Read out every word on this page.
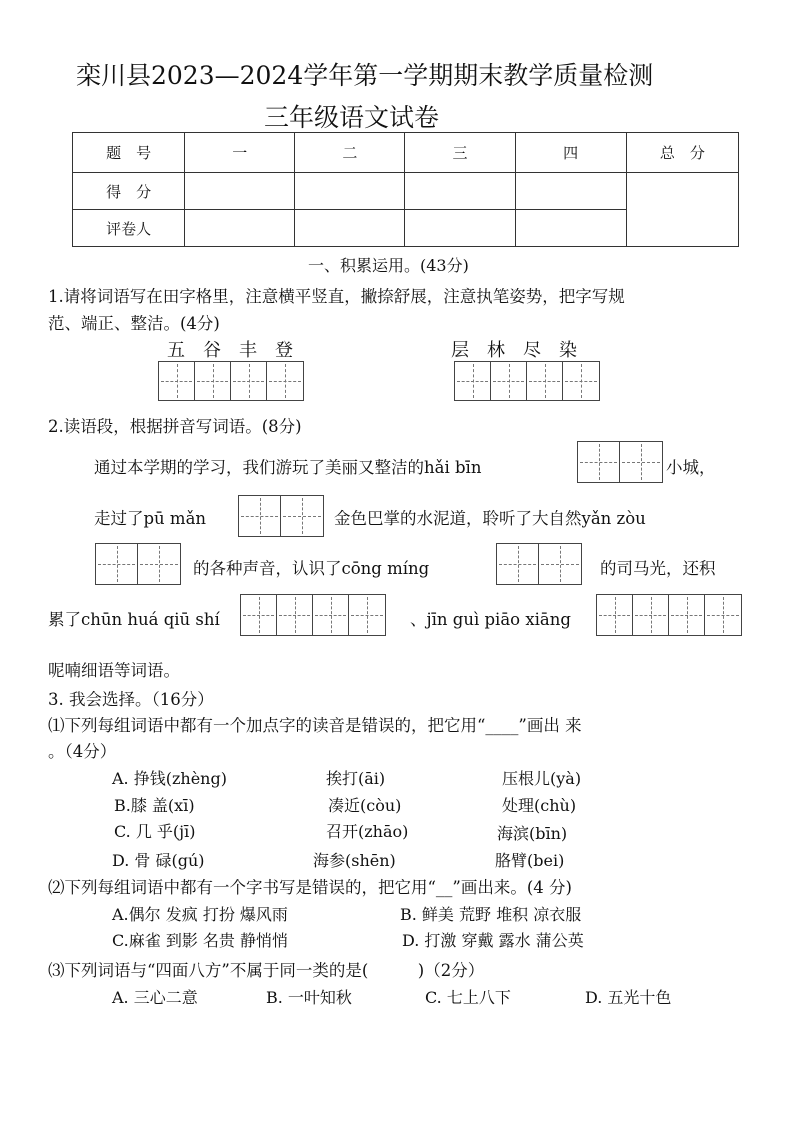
栾川县2023—2024学年第一学期期末教学质量检测
三年级语文试卷
题　号	一	二	三	四	总　分
得　分					
评卷人					
一、积累运用。(43分)
1.请将词语写在田字格里，注意横平竖直，撇捺舒展，注意执笔姿势，把字写规
范、端正、整洁。(4分)
五	谷	丰	登	层	林	尽	染
2.读语段，根据拼音写词语。(8分)
通过本学期的学习，我们游玩了美丽又整洁的hǎi bīn	小城，
走过了pū mǎn	金色巴掌的水泥道，聆听了大自然yǎn zòu
的各种声音，认识了cōng míng	的司马光，还积
累了chūn huá qiū shí	、jīn guì piāo xiāng
呢喃细语等词语。
3. 我会选择。（16分）
⑴下列每组词语中都有一个加点字的读音是错误的，把它用“____”画出 来
。（4分）
A. 挣钱(zhèng)	挨打(āi)	压根儿(yà)
B.膝 盖(xī)	凑近(còu)	处理(chù)
C. 几 乎(jī)	召开(zhāo)	海滨(bīn)
D. 骨 碌(gú)	海参(shēn)	胳臂(bei)
⑵下列每组词语中都有一个字书写是错误的，把它用“__”画出来。(4 分)
A.偶尔 发疯 打扮 爆风雨	B. 鲜美 荒野 堆积 凉衣服
C.麻雀 到影 名贵 静悄悄	D. 打激 穿戴 露水 蒲公英
⑶下列词语与“四面八方”不属于同一类的是(　　　)（2分）
A. 三心二意	B. 一叶知秋	C. 七上八下	D. 五光十色
